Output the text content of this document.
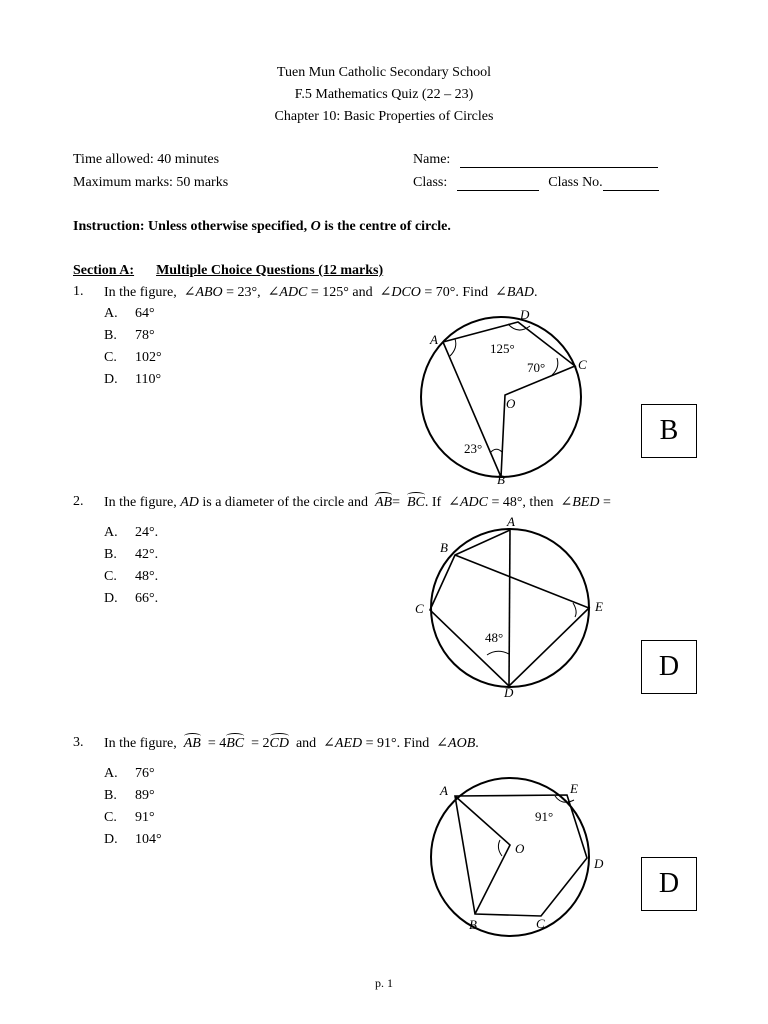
Tuen Mun Catholic Secondary School
F.5 Mathematics Quiz (22 – 23)
Chapter 10: Basic Properties of Circles
Time allowed: 40 minutes
Maximum marks: 50 marks
Name:
Class:	Class No.
Instruction: Unless otherwise specified, O is the centre of circle.
Section A: Multiple Choice Questions (12 marks)
1. In the figure,  ∠ABO = 23°,  ∠ADC = 125° and  ∠DCO = 70°. Find  ∠BAD.
A. 64°
B. 78°
C. 102°
D. 110°
A
D
C
O
B
125°
70°
23°
B
2. In the figure, AD is a diameter of the circle and  AB=  BC. If  ∠ADC = 48°, then  ∠BED =
A. 24°.
B. 42°.
C. 48°.
D. 66°.
A
B
C	E
D
48°
D
3. In the figure,  AB  = 4BC  = 2CD  and  ∠AED = 91°. Find  ∠AOB.
A. 76°
B. 89°
C. 91°
D. 104°
A	E
O
D
B	C
91°
D
p. 1
